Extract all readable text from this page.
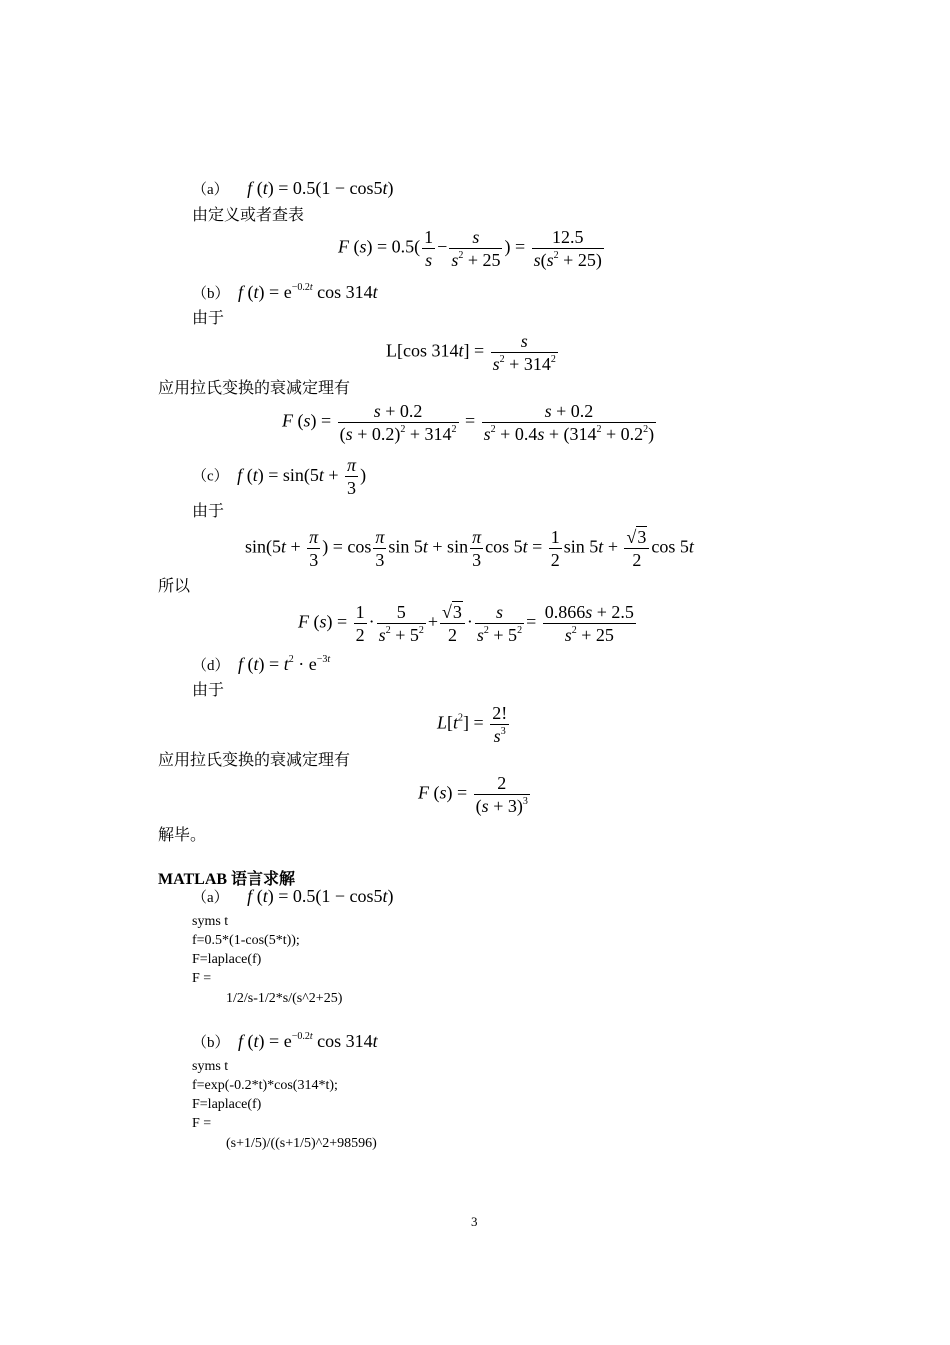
（a） f (t) = 0.5(1 − cos5t)
由定义或者查表
F $(s) = 0.5( \frac{1}{s} - \frac{s}{s^2 + 25}$ ) = $\frac{12.5}{s(s^2 + 25)}$
（b） f $(t) = e^{-0.2t}$ cos 314t
由于
L[cos $314t] = \frac{s}{s^2 + 314^2}$
应用拉氏变换的衰减定理有
F $(s) = \frac{s + 0.2}{(s + 0.2)^2 + 314^2} = \frac{s + 0.2}{s^2 + 0.4s + (314^2 + 0.2^2)}$
（c） f $(t) = \sin(5t + \frac{\pi}{3}$ )
由于
$\sin(5t + \frac{\pi}{3}$ ) = $\cos \frac{\pi}{3}$ $\sin 5t + \sin \frac{\pi}{3}$ $\cos 5t = \frac{1}{2}$ $\sin 5t + \frac{√3}{2}$ cos 5t
所以
F $(s) = \frac{1}{2} \cdot \frac{5}{s^2 + 5^2} + \frac{√3}{2} \cdot \frac{s}{s^2 + 5^2} = \frac{0.866s + 2.5}{s^2 + 25}$
（d） f $(t) = t^2 \cdot e^{-3t}$
由于
$L[t^2] = \frac{2!}{s^3}$
应用拉氏变换的衰减定理有
F $(s) = \frac{2}{(s + 3)^3}$
解毕。
MATLAB 语言求解
（a） f (t) = 0.5(1 − cos5t)
syms t
f=0.5*(1-cos(5*t));
F=laplace(f)
F =
1/2/s-1/2*s/(s^2+25)
（b） f $(t) = e^{-0.2t}$ cos 314t
syms t
f=exp(-0.2*t)*cos(314*t);
F=laplace(f)
F =
(s+1/5)/((s+1/5)^2+98596)
3
